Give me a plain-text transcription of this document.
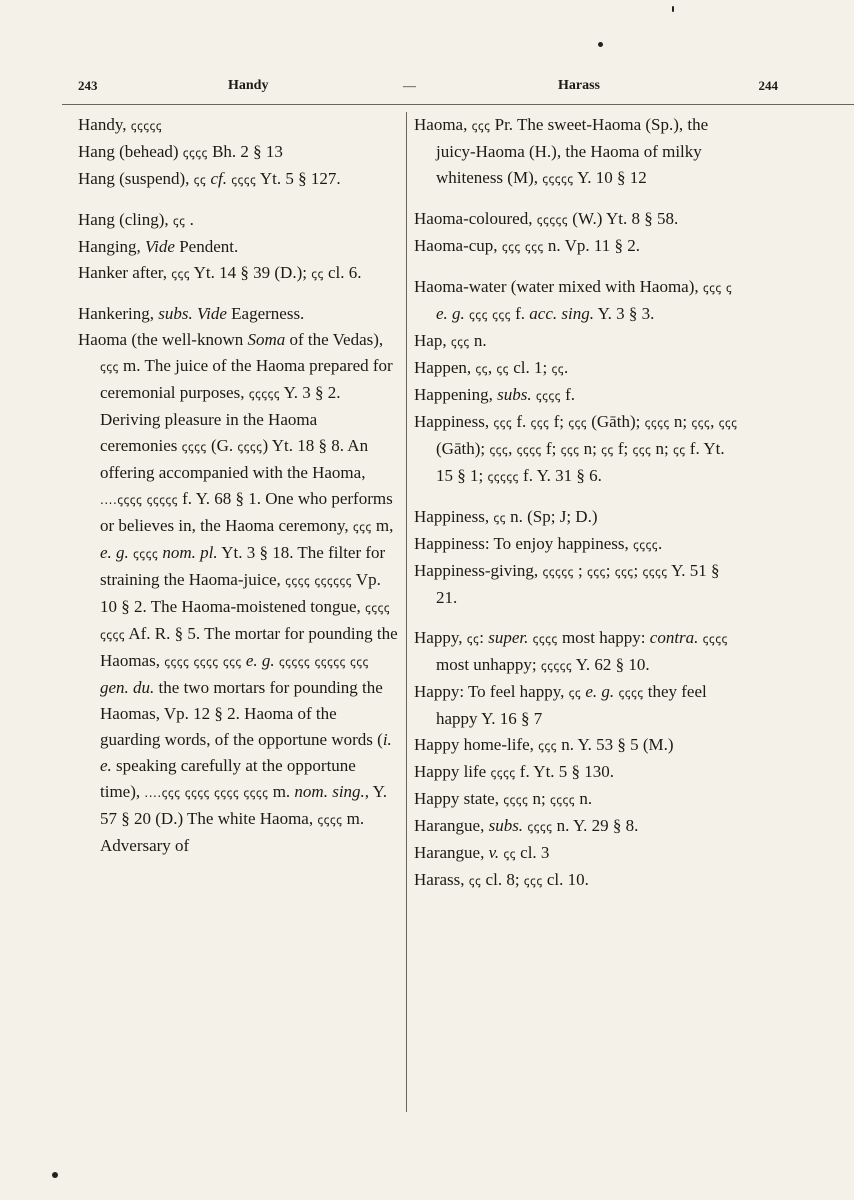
243	Handy	—	Harass	244
Handy, ꞔꞔꞔꞔꞔ
Hang (behead) ꞔꞔꞔꞔ Bh. 2 § 13
Hang (suspend), ꞔꞔ cf. ꞔꞔꞔꞔ Yt. 5 § 127.
Hang (cling), ꞔꞔ .
Hanging, Vide Pendent.
Hanker after, ꞔꞔꞔ Yt. 14 § 39 (D.); ꞔꞔ cl. 6.
Hankering, subs. Vide Eagerness.
Haoma (the well-known Soma of the Vedas), ꞔꞔꞔ m. The juice of the Haoma prepared for ceremonial purposes, ꞔꞔꞔꞔꞔ Y. 3 § 2. Deriving pleasure in the Haoma ceremonies ꞔꞔꞔꞔ (G. ꞔꞔꞔꞔ) Yt. 18 § 8. An offering accompanied with the Haoma, ....ꞔꞔꞔꞔ ꞔꞔꞔꞔꞔ f. Y. 68 § 1. One who performs or believes in, the Haoma ceremony, ꞔꞔꞔ m, e. g. ꞔꞔꞔꞔ nom. pl. Yt. 3 § 18. The filter for straining the Haoma-juice, ꞔꞔꞔꞔ ꞔꞔꞔꞔꞔꞔ Vp. 10 § 2. The Haoma-moistened tongue, ꞔꞔꞔꞔ ꞔꞔꞔꞔ Af. R. § 5. The mortar for pounding the Haomas, ꞔꞔꞔꞔ ꞔꞔꞔꞔ ꞔꞔꞔ e. g. ꞔꞔꞔꞔꞔ ꞔꞔꞔꞔꞔ ꞔꞔꞔ gen. du. the two mortars for pounding the Haomas, Vp. 12 § 2. Haoma of the guarding words, of the opportune words (i. e. speaking carefully at the opportune time), ....ꞔꞔꞔ ꞔꞔꞔꞔ ꞔꞔꞔꞔ ꞔꞔꞔꞔ m. nom. sing., Y. 57 § 20 (D.) The white Haoma, ꞔꞔꞔꞔ m. Adversary of
Haoma, ꞔꞔꞔ Pr. The sweet-Haoma (Sp.), the juicy-Haoma (H.), the Haoma of milky whiteness (M), ꞔꞔꞔꞔꞔ Y. 10 § 12
Haoma-coloured, ꞔꞔꞔꞔꞔ (W.) Yt. 8 § 58.
Haoma-cup, ꞔꞔꞔ ꞔꞔꞔ n. Vp. 11 § 2.
Haoma-water (water mixed with Haoma), ꞔꞔꞔ ꞔ e. g. ꞔꞔꞔ ꞔꞔꞔ f. acc. sing. Y. 3 § 3.
Hap, ꞔꞔꞔ n.
Happen, ꞔꞔ, ꞔꞔ cl. 1; ꞔꞔ.
Happening, subs. ꞔꞔꞔꞔ f.
Happiness, ꞔꞔꞔ f. ꞔꞔꞔ f; ꞔꞔꞔ (Gāth); ꞔꞔꞔꞔ n; ꞔꞔꞔ, ꞔꞔꞔ (Gāth); ꞔꞔꞔ, ꞔꞔꞔꞔ f; ꞔꞔꞔ n; ꞔꞔ f; ꞔꞔꞔ n; ꞔꞔ f. Yt. 15 § 1; ꞔꞔꞔꞔꞔ f. Y. 31 § 6.
Happiness, ꞔꞔ n. (Sp; J; D.)
Happiness: To enjoy happiness, ꞔꞔꞔꞔ.
Happiness-giving, ꞔꞔꞔꞔꞔ ; ꞔꞔꞔ; ꞔꞔꞔ; ꞔꞔꞔꞔ Y. 51 § 21.
Happy, ꞔꞔ: super. ꞔꞔꞔꞔ most happy: contra. ꞔꞔꞔꞔ most unhappy; ꞔꞔꞔꞔꞔ Y. 62 § 10.
Happy: To feel happy, ꞔꞔ e. g. ꞔꞔꞔꞔ they feel happy Y. 16 § 7
Happy home-life, ꞔꞔꞔ n. Y. 53 § 5 (M.)
Happy life ꞔꞔꞔꞔ f. Yt. 5 § 130.
Happy state, ꞔꞔꞔꞔ n; ꞔꞔꞔꞔ n.
Harangue, subs. ꞔꞔꞔꞔ n. Y. 29 § 8.
Harangue, v. ꞔꞔ cl. 3
Harass, ꞔꞔ cl. 8; ꞔꞔꞔ cl. 10.
